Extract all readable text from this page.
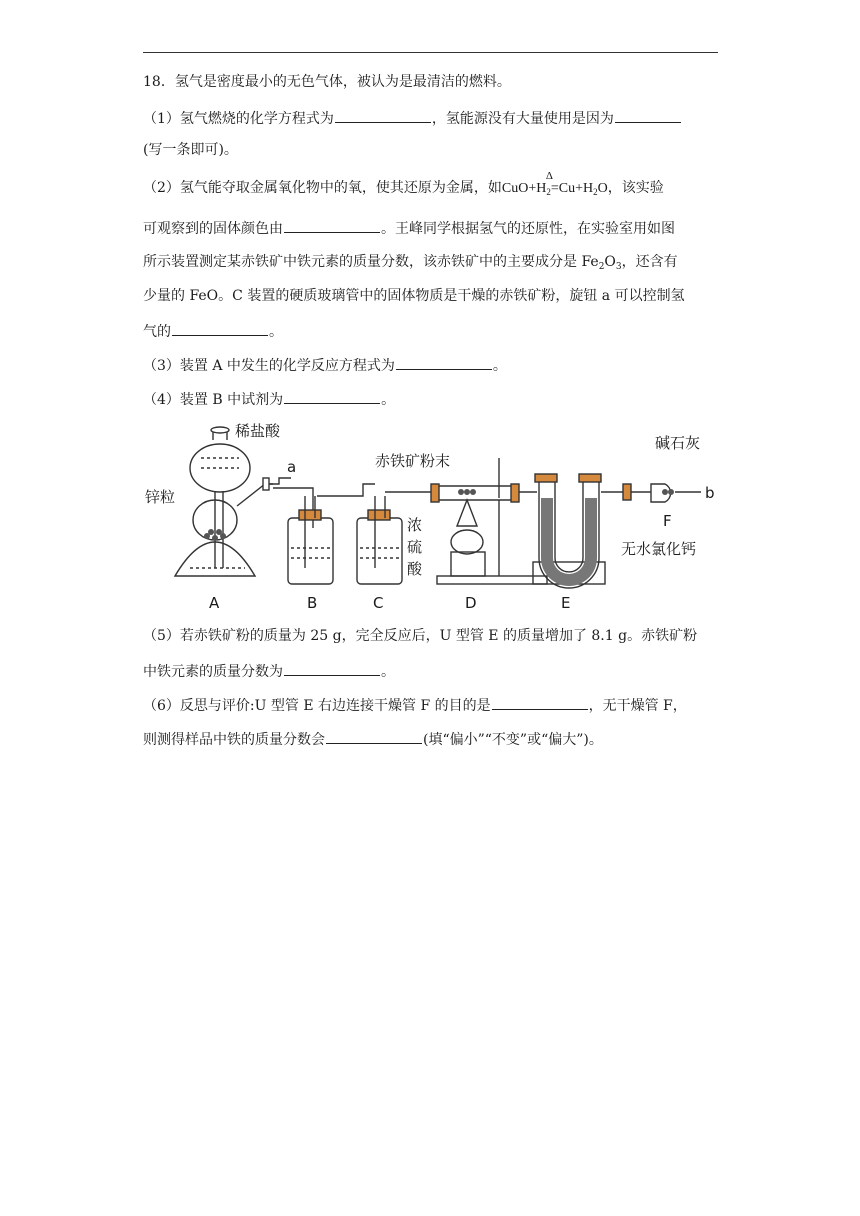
18．氢气是密度最小的无色气体，被认为是最清洁的燃料。
（1）氢气燃烧的化学方程式为	，氢能源没有大量使用是因为
(写一条即可)。
（2）氢气能夺取金属氧化物中的氧，使其还原为金属，如$CuO+H_2$
Δ
$=Cu+H_2O$，该实验
可观察到的固体颜色由	。王峰同学根据氢气的还原性，在实验室用如图
所示装置测定某赤铁矿中铁元素的质量分数，该赤铁矿中的主要成分是 $Fe_2O_3$，还含有
少量的 FeO。C 装置的硬质玻璃管中的固体物质是干燥的赤铁矿粉，旋钮 a 可以控制氢
气的	。
（3）装置 A 中发生的化学反应方程式为	。
（4）装置 B 中试剂为	。
稀盐酸
锌粒
a	赤铁矿粉末
浓
硫
酸
碱石灰
b
无水氯化钙
F
A	B	C	D	E
（5）若赤铁矿粉的质量为 25 g，完全反应后，U 型管 E 的质量增加了 8.1 g。赤铁矿粉
中铁元素的质量分数为	。
（6）反思与评价:U 型管 E 右边连接干燥管 F 的目的是	，无干燥管 F，
则测得样品中铁的质量分数会	(填“偏小”“不变”或“偏大”)。
